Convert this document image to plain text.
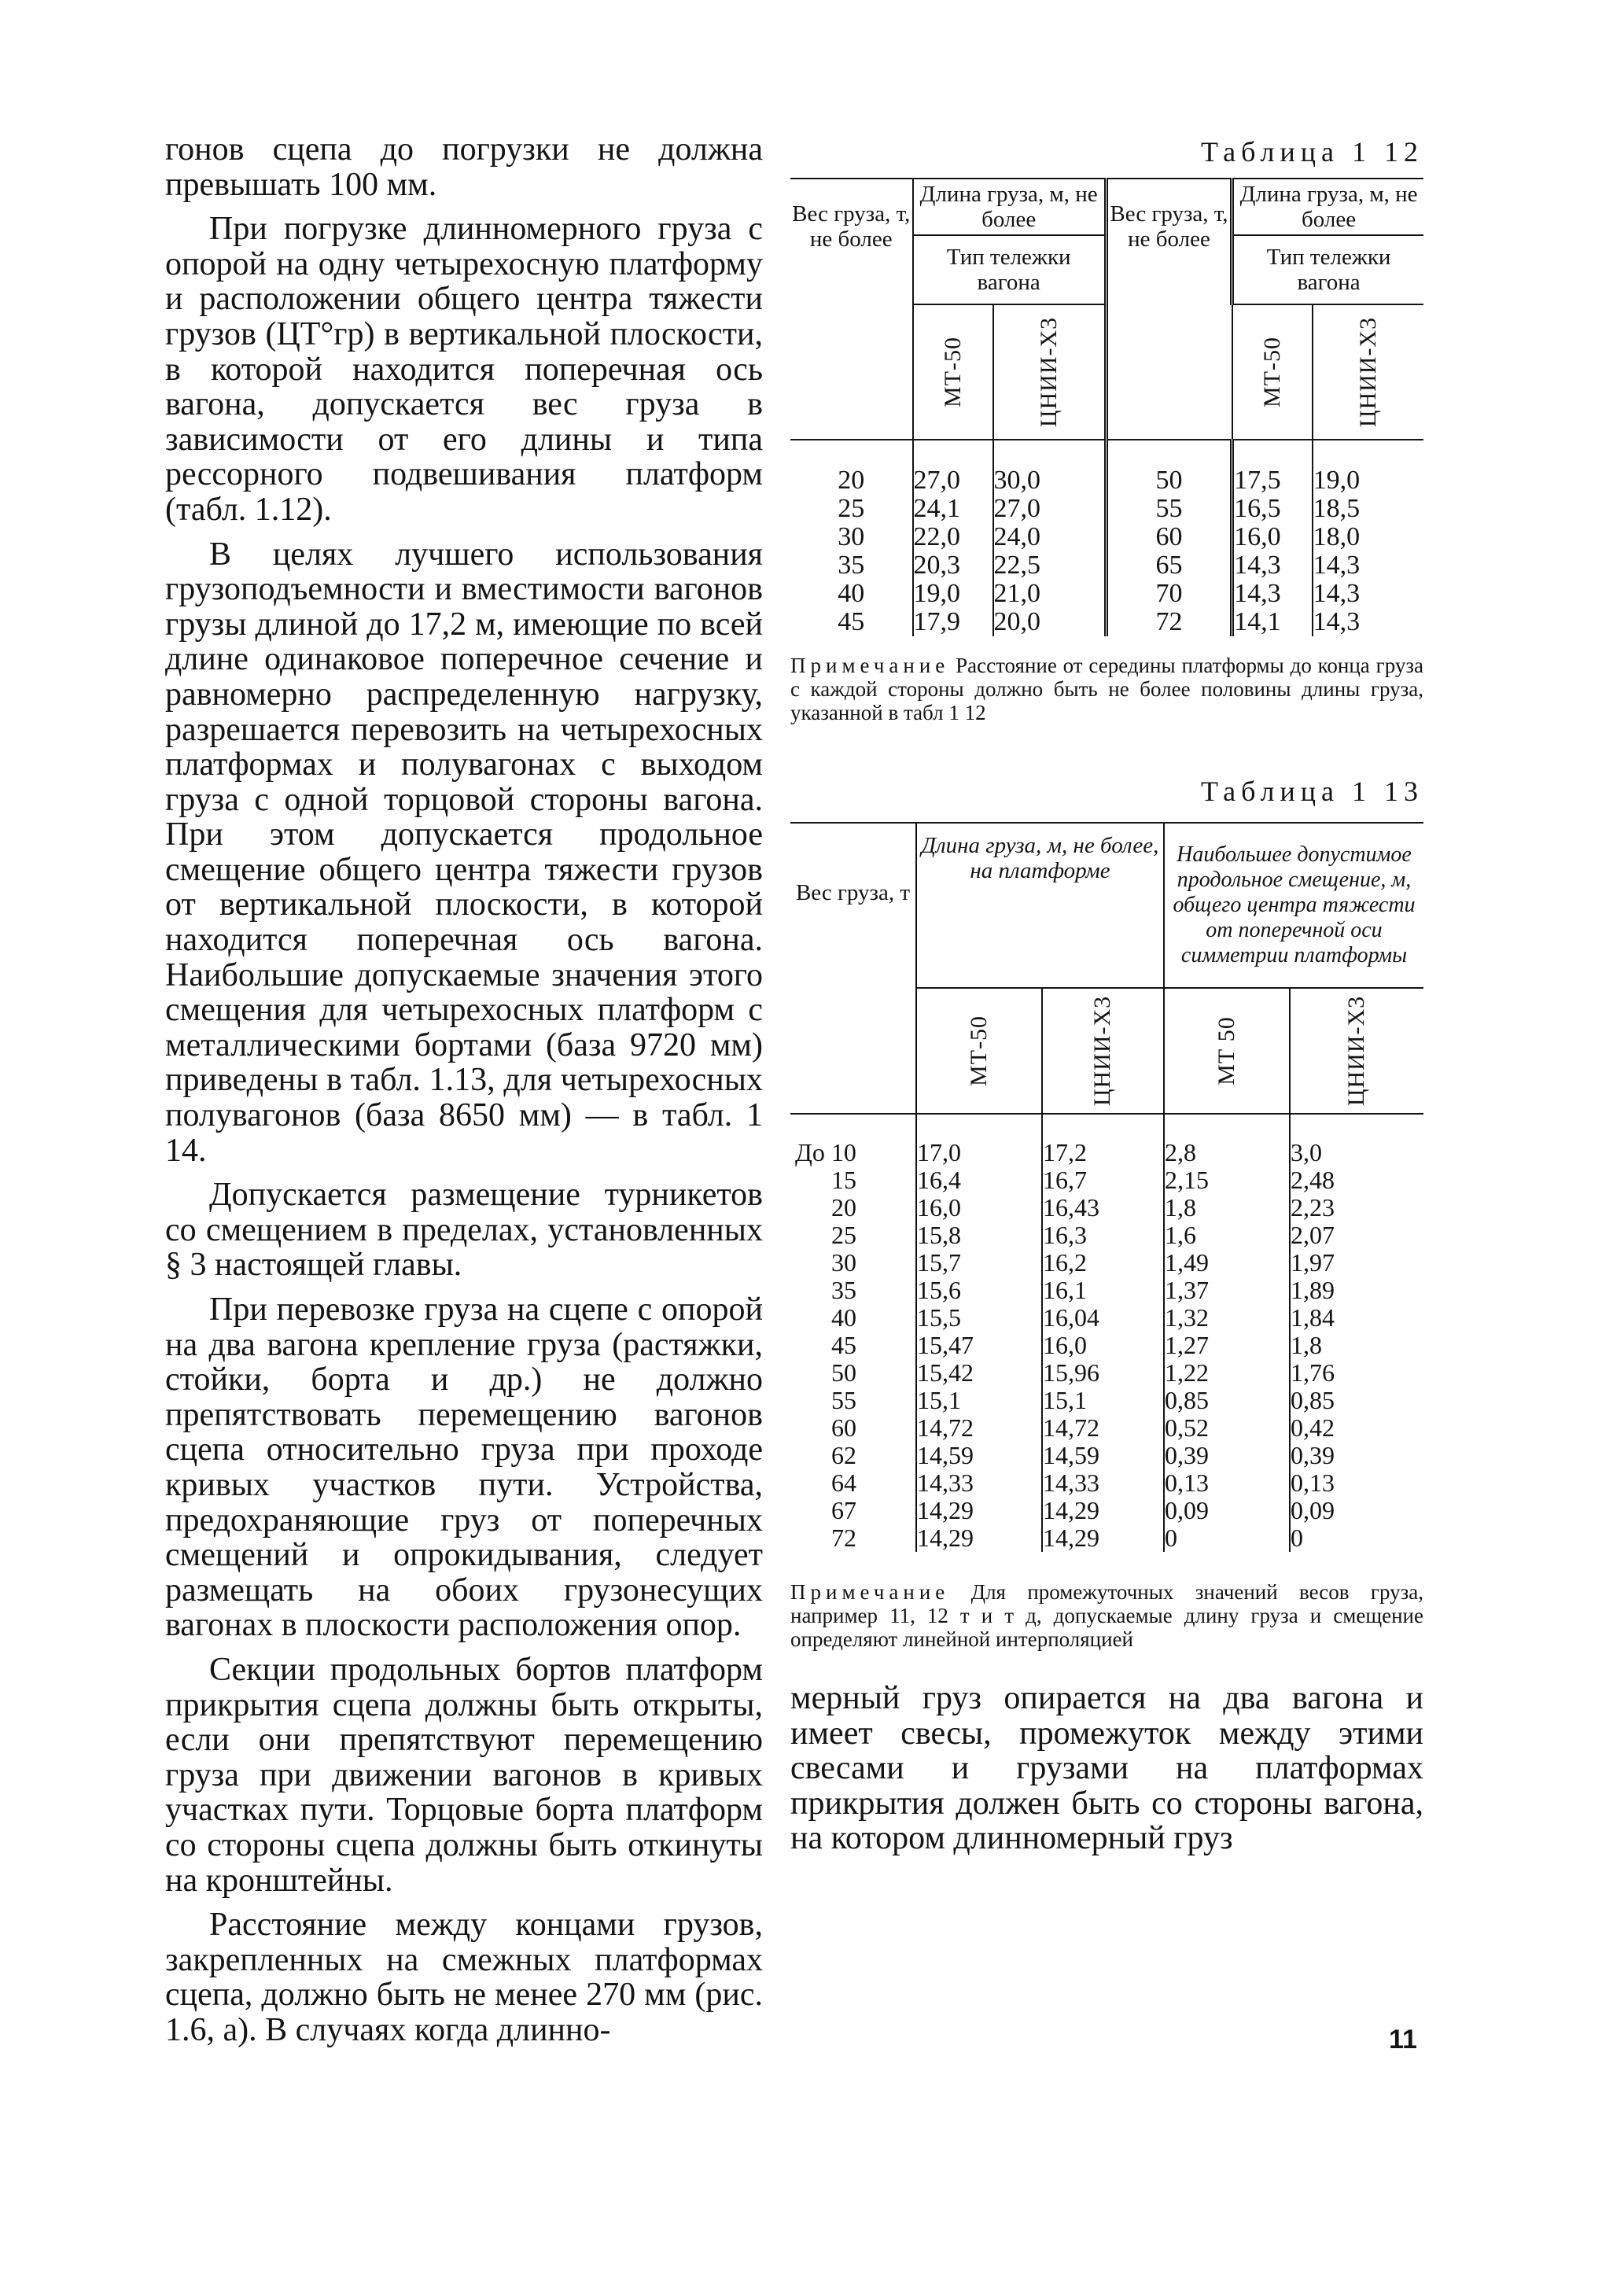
гонов сцепа до погрузки не должна превышать 100 мм.

При погрузке длинномерного груза с опорой на одну четырехосную платформу и расположении общего центра тяжести грузов (ЦТ°гр) в вертикальной плоскости, в которой находится поперечная ось вагона, допускается вес груза в зависимости от его длины и типа рессорного подвешивания платформ (табл. 1.12).

В целях лучшего использования грузоподъемности и вместимости вагонов грузы длиной до 17,2 м, имеющие по всей длине одинаковое поперечное сечение и равномерно распределенную нагрузку, разрешается перевозить на четырехосных платформах и полувагонах с выходом груза с одной торцовой стороны вагона. При этом допускается продольное смещение общего центра тяжести грузов от вертикальной плоскости, в которой находится поперечная ось вагона. Наибольшие допускаемые значения этого смещения для четырехосных платформ с металлическими бортами (база 9720 мм) приведены в табл. 1.13, для четырехосных полувагонов (база 8650 мм) — в табл. 1 14.

Допускается размещение турникетов со смещением в пределах, установленных § 3 настоящей главы.

При перевозке груза на сцепе с опорой на два вагона крепление груза (растяжки, стойки, борта и др.) не должно препятствовать перемещению вагонов сцепа относительно груза при проходе кривых участков пути. Устройства, предохраняющие груз от поперечных смещений и опрокидывания, следует размещать на обоих грузонесущих вагонах в плоскости расположения опор.

Секции продольных бортов платформ прикрытия сцепа должны быть открыты, если они препятствуют перемещению груза при движении вагонов в кривых участках пути. Торцовые борта платформ со стороны сцепа должны быть откинуты на кронштейны.

Расстояние между концами грузов, закрепленных на смежных платформах сцепа, должно быть не менее 270 мм (рис. 1.6, а). В случаях когда длинно-

Таблица 1 12
Вес груза, т, не более	Длина груза, м, не более		Вес груза, т, не более	Длина груза, м, не более	
	Тип тележки вагона			Тип тележки вагона	
	МТ-50	ЦНИИ-Х3		МТ-50	ЦНИИ-Х3

20	27,0	30,0	50	17,5	19,0
25	24,1	27,0	55	16,5	18,5
30	22,0	24,0	60	16,0	18,0
35	20,3	22,5	65	14,3	14,3
40	19,0	21,0	70	14,3	14,3
45	17,9	20,0	72	14,1	14,3
Примечание Расстояние от середины платформы до конца груза с каждой стороны должно быть не более половины длины груза, указанной в табл 1 12
Таблица 1 13
Вес груза, т	Длина груза, м, не более, на платформе		Наибольшее допустимое продольное смещение, м, общего центра тяжести от поперечной оси симметрии платформы	
	МТ-50	ЦНИИ-Х3	МТ 50	ЦНИИ-Х3

До 10	17,0	17,2	2,8	3,0
15	16,4	16,7	2,15	2,48
20	16,0	16,43	1,8	2,23
25	15,8	16,3	1,6	2,07
30	15,7	16,2	1,49	1,97
35	15,6	16,1	1,37	1,89
40	15,5	16,04	1,32	1,84
45	15,47	16,0	1,27	1,8
50	15,42	15,96	1,22	1,76
55	15,1	15,1	0,85	0,85
60	14,72	14,72	0,52	0,42
62	14,59	14,59	0,39	0,39
64	14,33	14,33	0,13	0,13
67	14,29	14,29	0,09	0,09
72	14,29	14,29	0	0
Примечание Для промежуточных значений весов груза, например 11, 12 т и т д, допускаемые длину груза и смещение определяют линейной интерполяцией
мерный груз опирается на два вагона и имеет свесы, промежуток между этими свесами и грузами на платформах прикрытия должен быть со стороны вагона, на котором длинномерный груз
11
